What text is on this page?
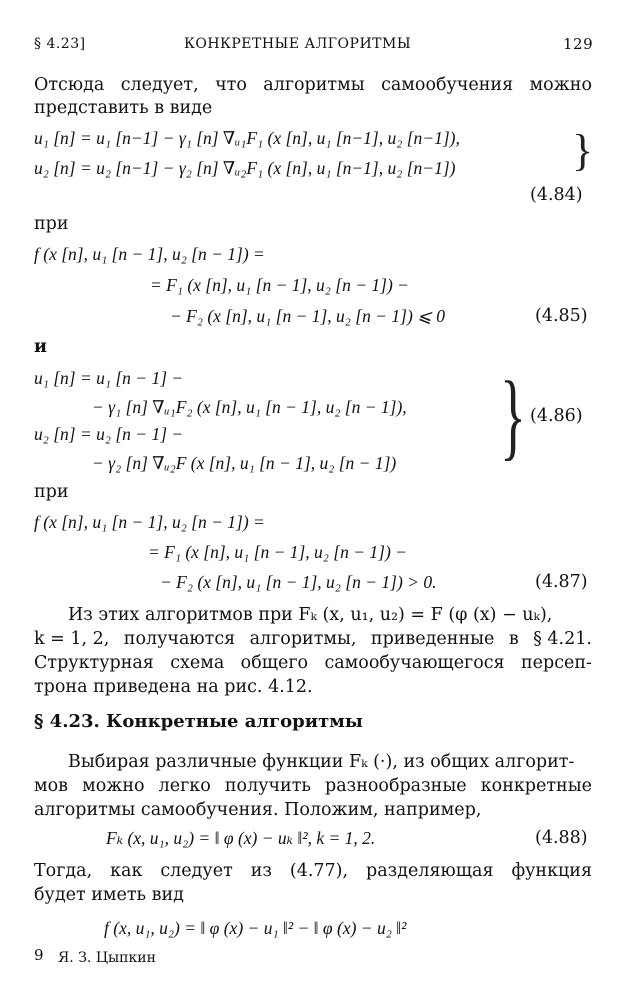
§ 4.23]	КОНКРЕТНЫЕ АЛГОРИТМЫ	129
Отсюда следует, что алгоритмы самообучения можно
представить в виде
u₁ [n] = u₁ [n−1] − γ₁ [n] ∇ᵤ₁F₁ (x [n], u₁ [n−1], u₂ [n−1]),
u₂ [n] = u₂ [n−1] − γ₂ [n] ∇ᵤ₂F₁ (x [n], u₁ [n−1], u₂ [n−1])	}
(4.84)
при
f (x [n], u₁ [n − 1], u₂ [n − 1]) =
= F₁ (x [n], u₁ [n − 1], u₂ [n − 1]) −
− F₂ (x [n], u₁ [n − 1], u₂ [n − 1]) ⩽ 0	(4.85)
и
u₁ [n] = u₁ [n − 1] −
− γ₁ [n] ∇ᵤ₁F₂ (x [n], u₁ [n − 1], u₂ [n − 1]),
u₂ [n] = u₂ [n − 1] −
− γ₂ [n] ∇ᵤ₂F (x [n], u₁ [n − 1], u₂ [n − 1]) } (4.86)
при
f (x [n], u₁ [n − 1], u₂ [n − 1]) =
= F₁ (x [n], u₁ [n − 1], u₂ [n − 1]) −
− F₂ (x [n], u₁ [n − 1], u₂ [n − 1]) > 0.	(4.87)
Из этих алгоритмов при Fₖ (x, u₁, u₂) = F (φ (x) − uₖ),
k = 1, 2, получаются алгоритмы, приведенные в § 4.21.
Структурная схема общего самообучающегося персеп-
трона приведена на рис. 4.12.
§ 4.23. Конкретные алгоритмы
Выбирая различные функции Fₖ (·), из общих алгорит-
мов можно легко получить разнообразные конкретные
алгоритмы самообучения. Положим, например,
Fₖ (x, u₁, u₂) = ‖ φ (x) − uₖ ‖², k = 1, 2.	(4.88)
Тогда, как следует из (4.77), разделяющая функция
будет иметь вид
f (x, u₁, u₂) = ‖ φ (x) − u₁ ‖² − ‖ φ (x) − u₂ ‖²
9 Я. З. Цыпкин
